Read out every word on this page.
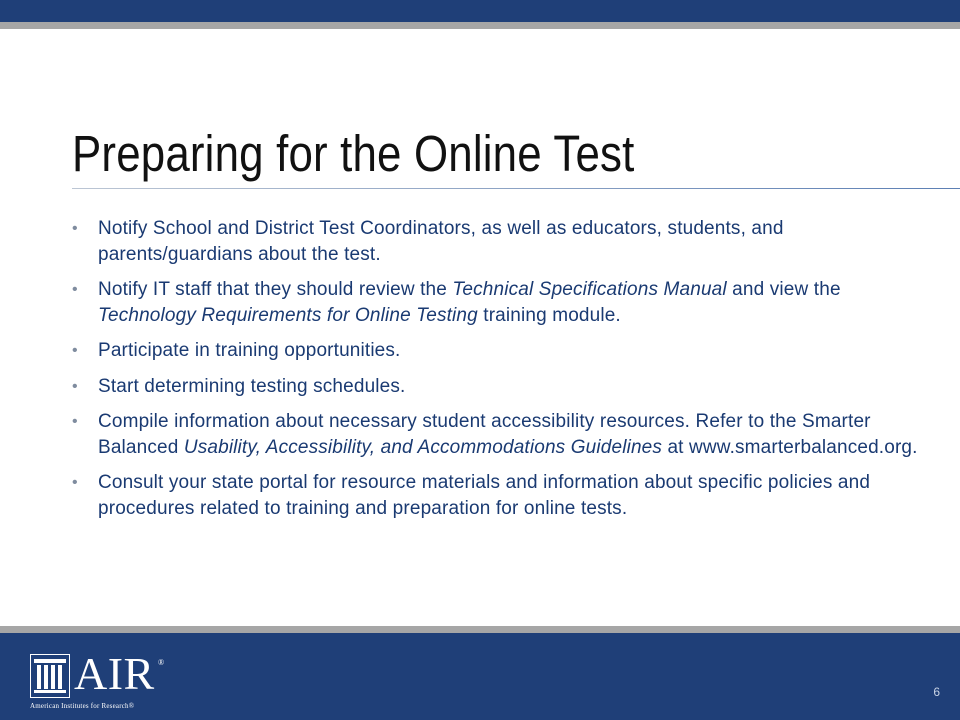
Preparing for the Online Test
• Notify School and District Test Coordinators, as well as educators, students, and parents/guardians about the test.
• Notify IT staff that they should review the Technical Specifications Manual and view the Technology Requirements for Online Testing training module.
• Participate in training opportunities.
• Start determining testing schedules.
• Compile information about necessary student accessibility resources. Refer to the Smarter Balanced Usability, Accessibility, and Accommodations Guidelines at www.smarterbalanced.org.
• Consult your state portal for resource materials and information about specific policies and procedures related to training and preparation for online tests.
AIR ®
American Institutes for Research®
6
